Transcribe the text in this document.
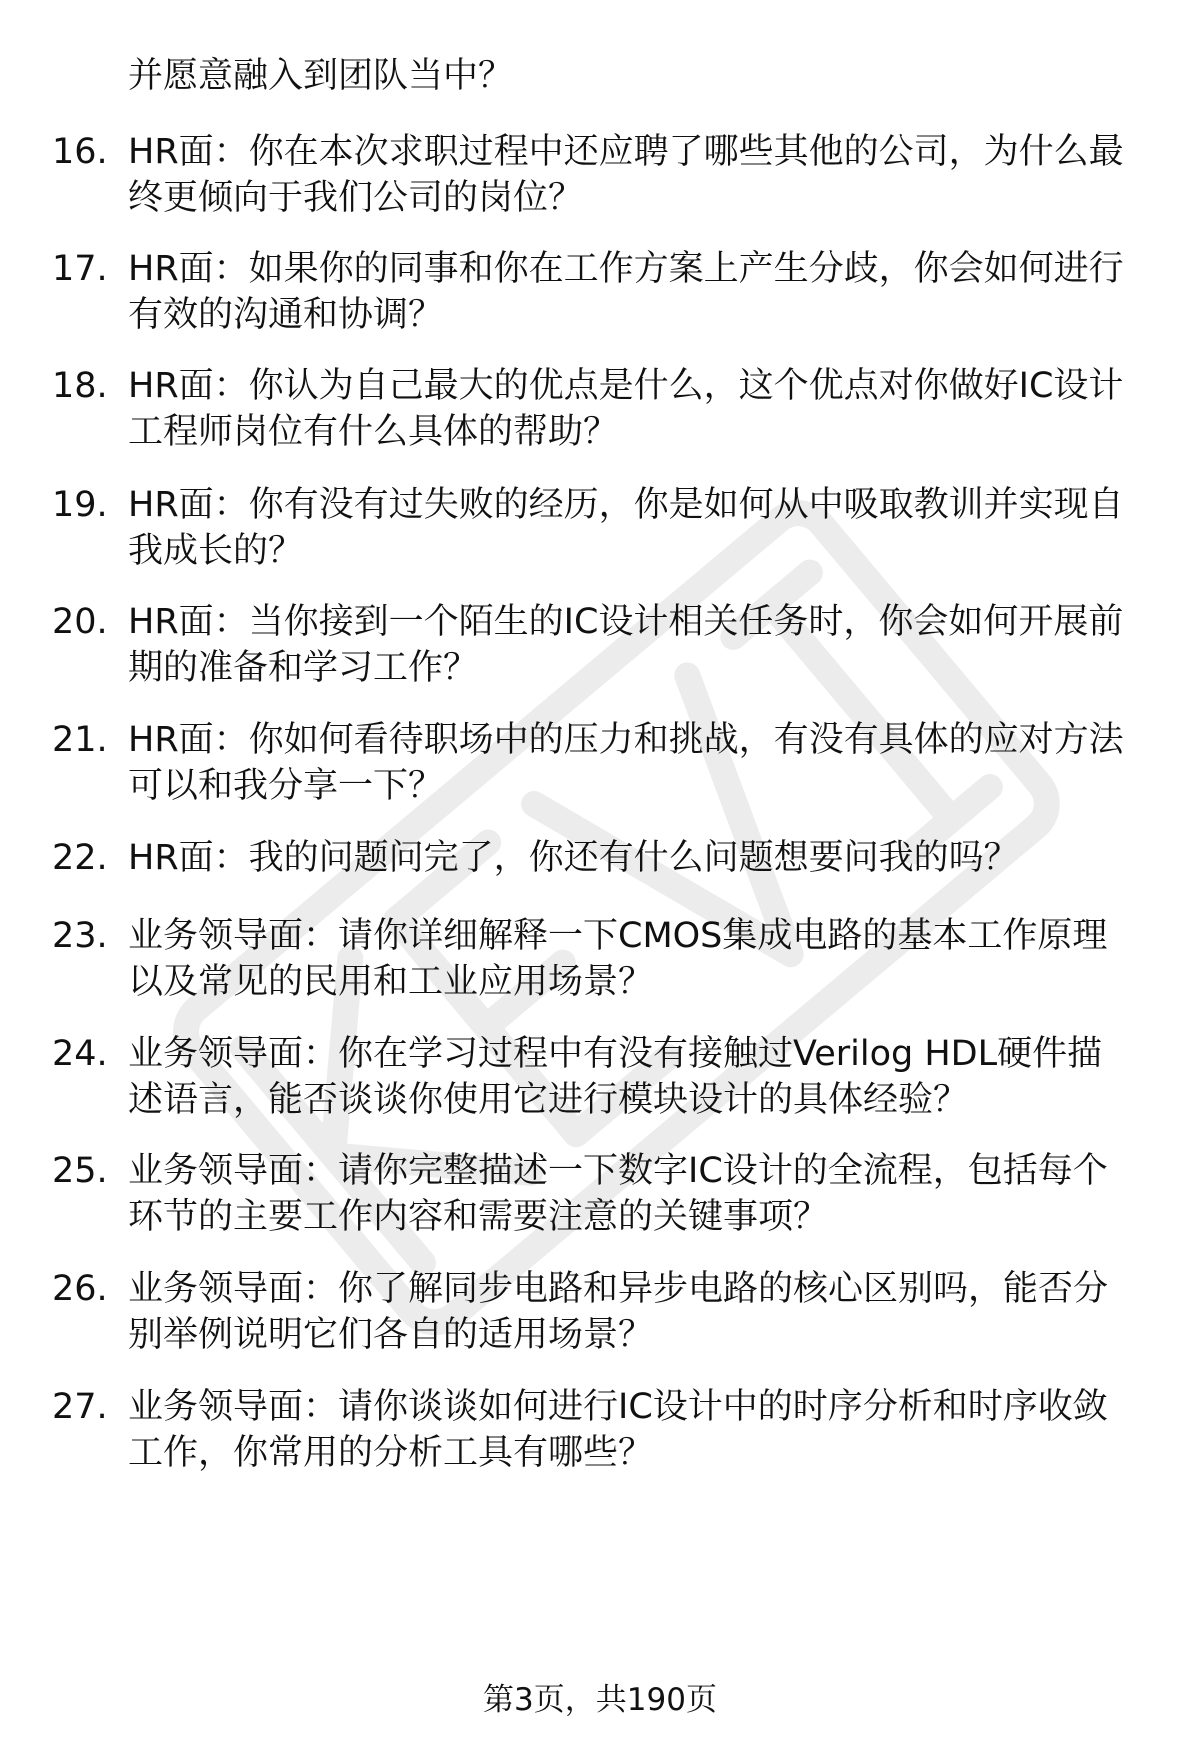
并愿意融入到团队当中？
16. HR面：你在本次求职过程中还应聘了哪些其他的公司，为什么最
终更倾向于我们公司的岗位？
17. HR面：如果你的同事和你在工作方案上产生分歧，你会如何进行
有效的沟通和协调？
18. HR面：你认为自己最大的优点是什么，这个优点对你做好IC设计
工程师岗位有什么具体的帮助？
19. HR面：你有没有过失败的经历，你是如何从中吸取教训并实现自
我成长的？
20. HR面：当你接到一个陌生的IC设计相关任务时，你会如何开展前
期的准备和学习工作？
21. HR面：你如何看待职场中的压力和挑战，有没有具体的应对方法
可以和我分享一下？
22. HR面：我的问题问完了，你还有什么问题想要问我的吗？
23. 业务领导面：请你详细解释一下CMOS集成电路的基本工作原理
以及常见的民用和工业应用场景？
24. 业务领导面：你在学习过程中有没有接触过Verilog HDL硬件描
述语言，能否谈谈你使用它进行模块设计的具体经验？
25. 业务领导面：请你完整描述一下数字IC设计的全流程，包括每个
环节的主要工作内容和需要注意的关键事项？
26. 业务领导面：你了解同步电路和异步电路的核心区别吗，能否分
别举例说明它们各自的适用场景？
27. 业务领导面：请你谈谈如何进行IC设计中的时序分析和时序收敛
工作，你常用的分析工具有哪些？
第3页，共190页
